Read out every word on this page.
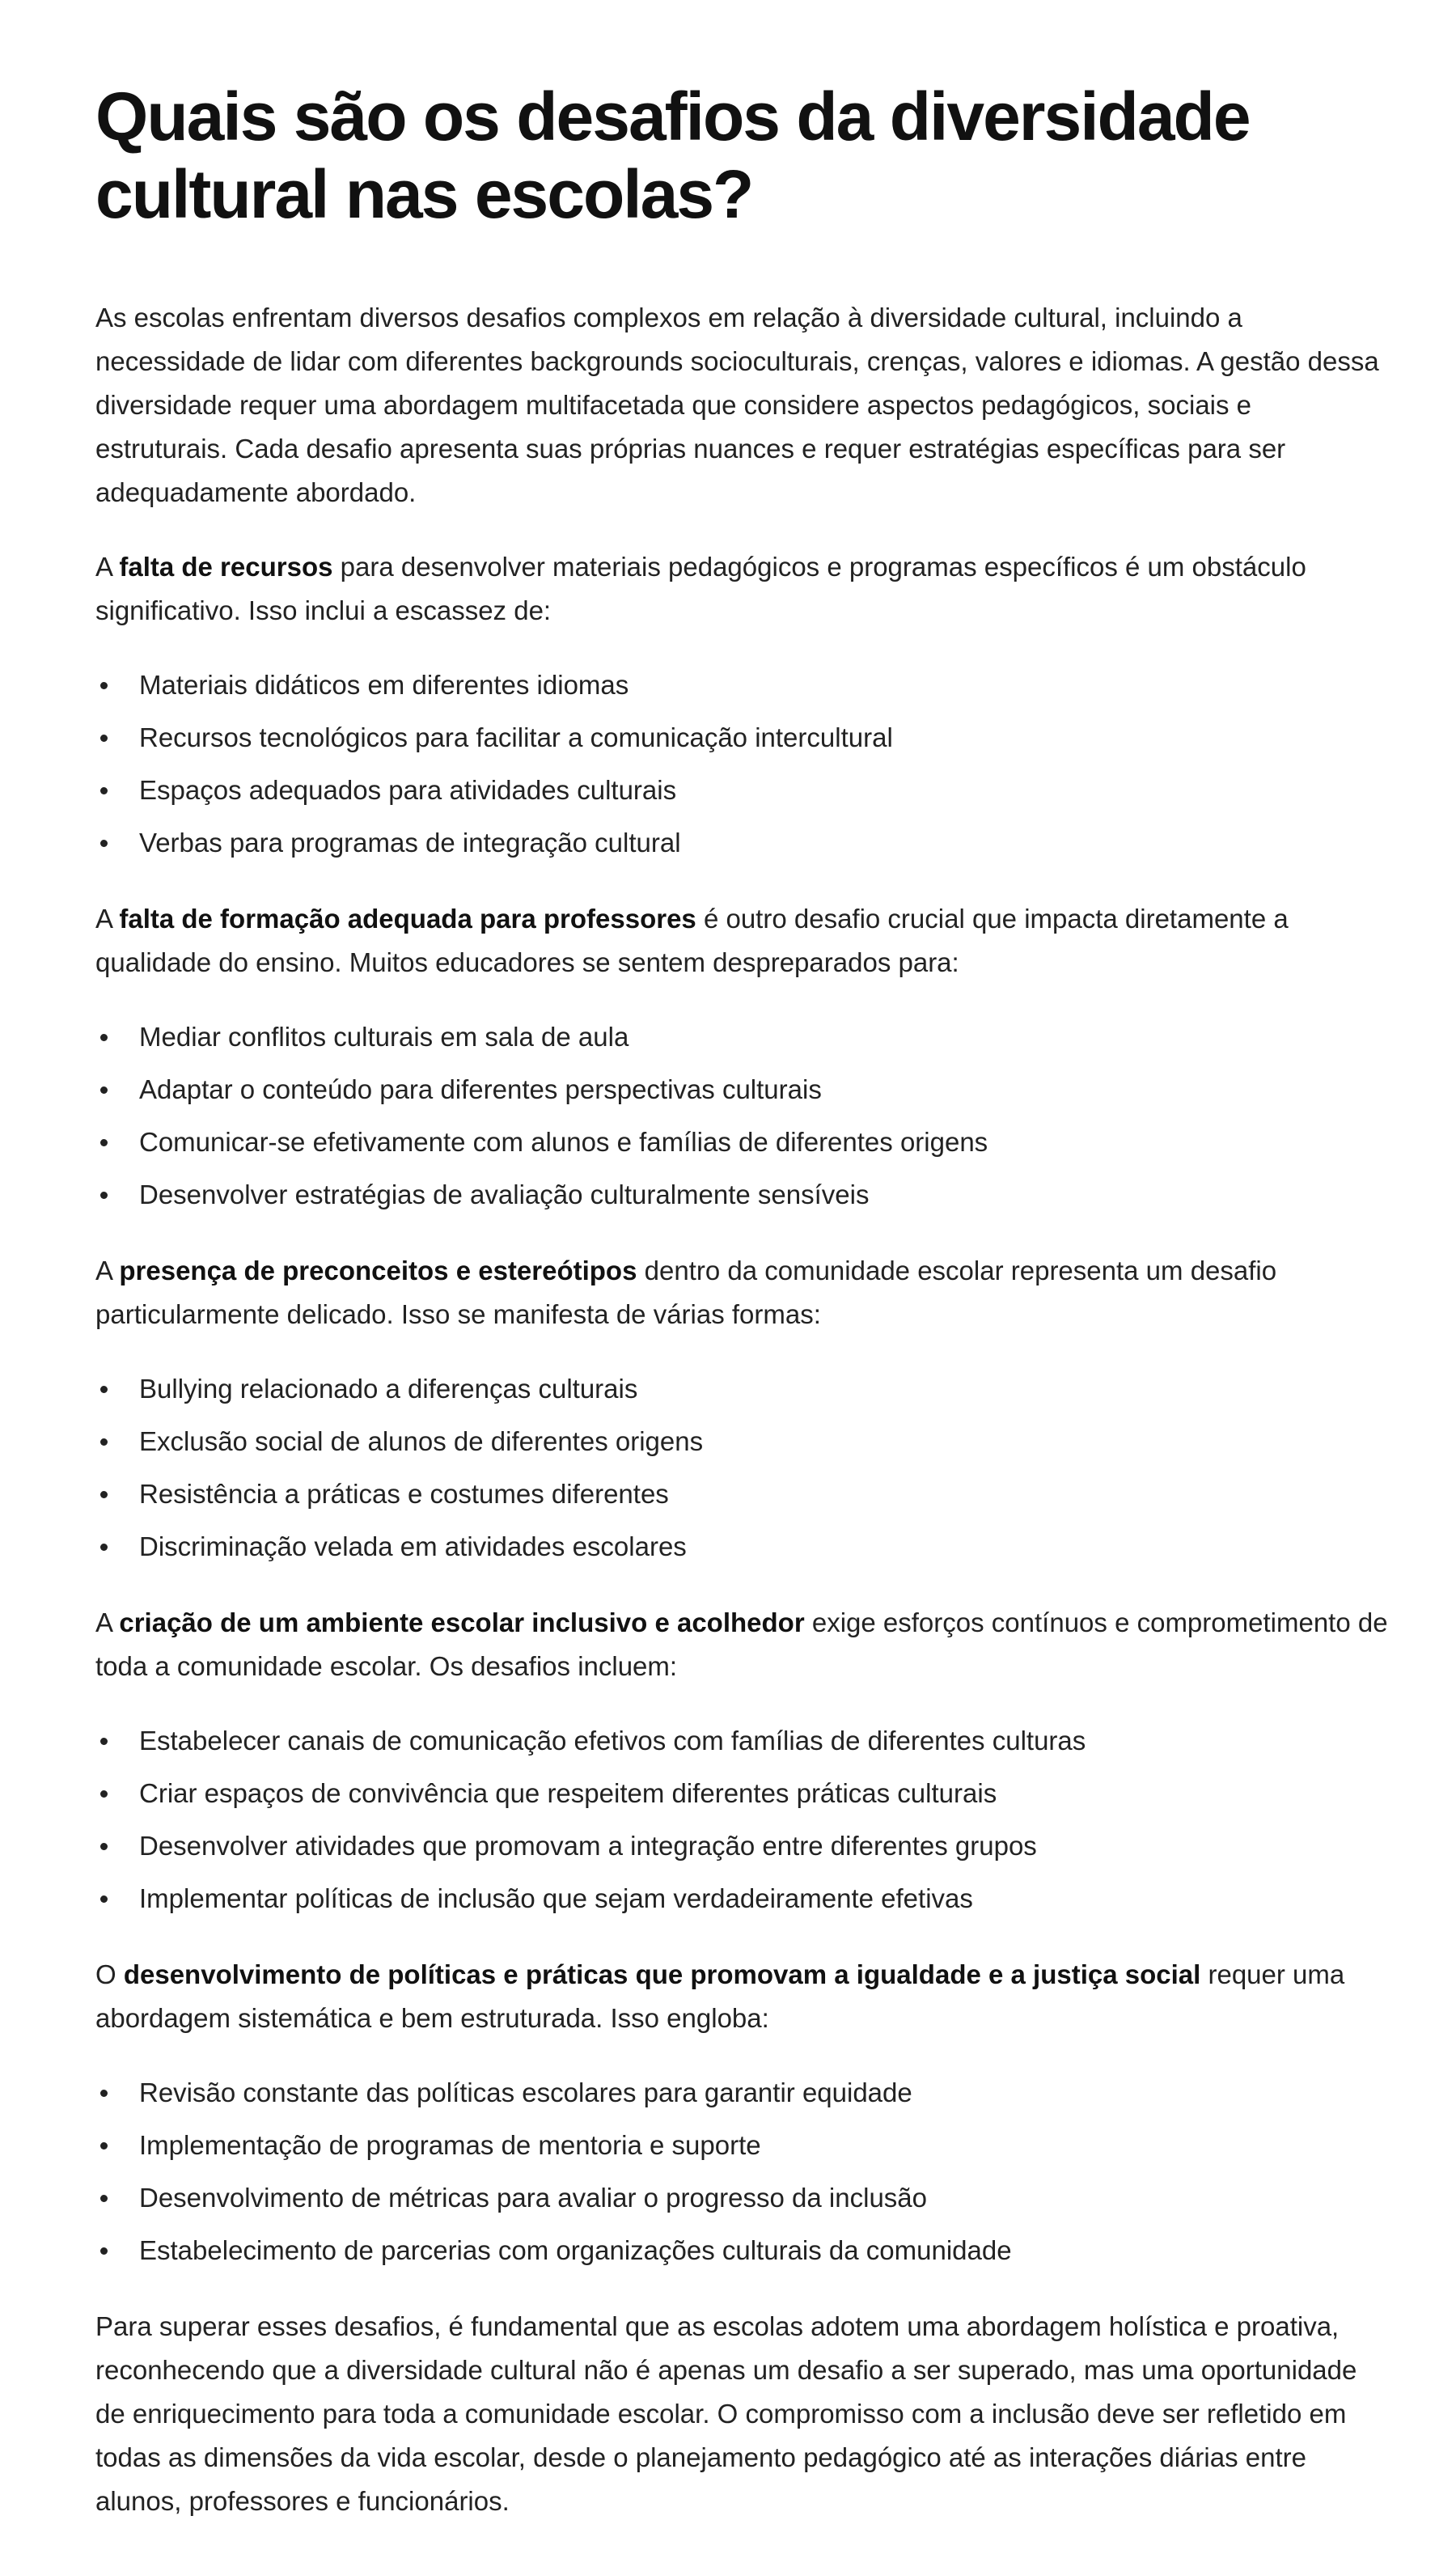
Quais são os desafios da diversidade cultural nas escolas?

As escolas enfrentam diversos desafios complexos em relação à diversidade cultural, incluindo a necessidade de lidar com diferentes backgrounds socioculturais, crenças, valores e idiomas. A gestão dessa diversidade requer uma abordagem multifacetada que considere aspectos pedagógicos, sociais e estruturais. Cada desafio apresenta suas próprias nuances e requer estratégias específicas para ser adequadamente abordado.

A falta de recursos para desenvolver materiais pedagógicos e programas específicos é um obstáculo significativo. Isso inclui a escassez de:

Materiais didáticos em diferentes idiomas
Recursos tecnológicos para facilitar a comunicação intercultural
Espaços adequados para atividades culturais
Verbas para programas de integração cultural

A falta de formação adequada para professores é outro desafio crucial que impacta diretamente a qualidade do ensino. Muitos educadores se sentem despreparados para:

Mediar conflitos culturais em sala de aula
Adaptar o conteúdo para diferentes perspectivas culturais
Comunicar-se efetivamente com alunos e famílias de diferentes origens
Desenvolver estratégias de avaliação culturalmente sensíveis

A presença de preconceitos e estereótipos dentro da comunidade escolar representa um desafio particularmente delicado. Isso se manifesta de várias formas:

Bullying relacionado a diferenças culturais
Exclusão social de alunos de diferentes origens
Resistência a práticas e costumes diferentes
Discriminação velada em atividades escolares

A criação de um ambiente escolar inclusivo e acolhedor exige esforços contínuos e comprometimento de toda a comunidade escolar. Os desafios incluem:

Estabelecer canais de comunicação efetivos com famílias de diferentes culturas
Criar espaços de convivência que respeitem diferentes práticas culturais
Desenvolver atividades que promovam a integração entre diferentes grupos
Implementar políticas de inclusão que sejam verdadeiramente efetivas

O desenvolvimento de políticas e práticas que promovam a igualdade e a justiça social requer uma abordagem sistemática e bem estruturada. Isso engloba:

Revisão constante das políticas escolares para garantir equidade
Implementação de programas de mentoria e suporte
Desenvolvimento de métricas para avaliar o progresso da inclusão
Estabelecimento de parcerias com organizações culturais da comunidade

Para superar esses desafios, é fundamental que as escolas adotem uma abordagem holística e proativa, reconhecendo que a diversidade cultural não é apenas um desafio a ser superado, mas uma oportunidade de enriquecimento para toda a comunidade escolar. O compromisso com a inclusão deve ser refletido em todas as dimensões da vida escolar, desde o planejamento pedagógico até as interações diárias entre alunos, professores e funcionários.
